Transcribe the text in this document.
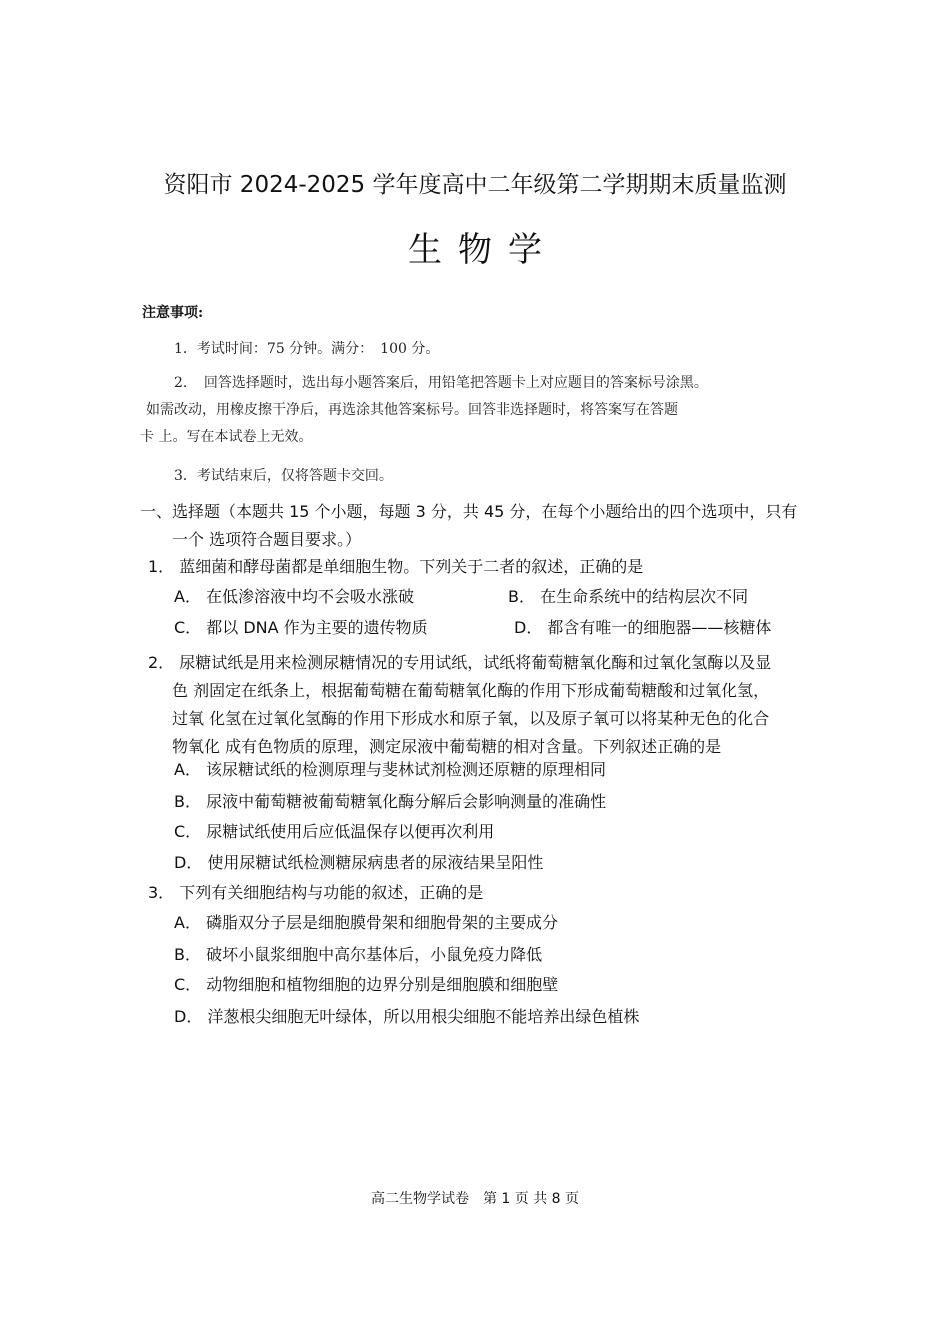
资阳市 2024-2025 学年度高中二年级第二学期期末质量监测
生物学
注意事项:
1．考试时间：75 分钟。满分：　100 分。
2．　回答选择题时，选出每小题答案后，用铅笔把答题卡上对应题目的答案标号涂黑。
如需改动，用橡皮擦干净后，再选涂其他答案标号。回答非选择题时，将答案写在答题
卡 上。写在本试卷上无效。
3．考试结束后，仅将答题卡交回。
一、选择题（本题共 15 个小题，每题 3 分，共 45 分，在每个小题给出的四个选项中，只有
一个 选项符合题目要求。）
1． 蓝细菌和酵母菌都是单细胞生物。下列关于二者的叙述，正确的是
A． 在低渗溶液中均不会吸水涨破	B． 在生命系统中的结构层次不同
C． 都以 DNA 作为主要的遗传物质	D． 都含有唯一的细胞器——核糖体
2． 尿糖试纸是用来检测尿糖情况的专用试纸，试纸将葡萄糖氧化酶和过氧化氢酶以及显
色 剂固定在纸条上，根据葡萄糖在葡萄糖氧化酶的作用下形成葡萄糖酸和过氧化氢，
过氧 化氢在过氧化氢酶的作用下形成水和原子氧，以及原子氧可以将某种无色的化合
物氧化 成有色物质的原理，测定尿液中葡萄糖的相对含量。下列叙述正确的是
A． 该尿糖试纸的检测原理与斐林试剂检测还原糖的原理相同
B． 尿液中葡萄糖被葡萄糖氧化酶分解后会影响测量的准确性
C． 尿糖试纸使用后应低温保存以便再次利用
D． 使用尿糖试纸检测糖尿病患者的尿液结果呈阳性
3． 下列有关细胞结构与功能的叙述，正确的是
A． 磷脂双分子层是细胞膜骨架和细胞骨架的主要成分
B． 破坏小鼠浆细胞中高尔基体后，小鼠免疫力降低
C． 动物细胞和植物细胞的边界分别是细胞膜和细胞壁
D． 洋葱根尖细胞无叶绿体，所以用根尖细胞不能培养出绿色植株
高二生物学试卷　第 1 页 共 8 页
